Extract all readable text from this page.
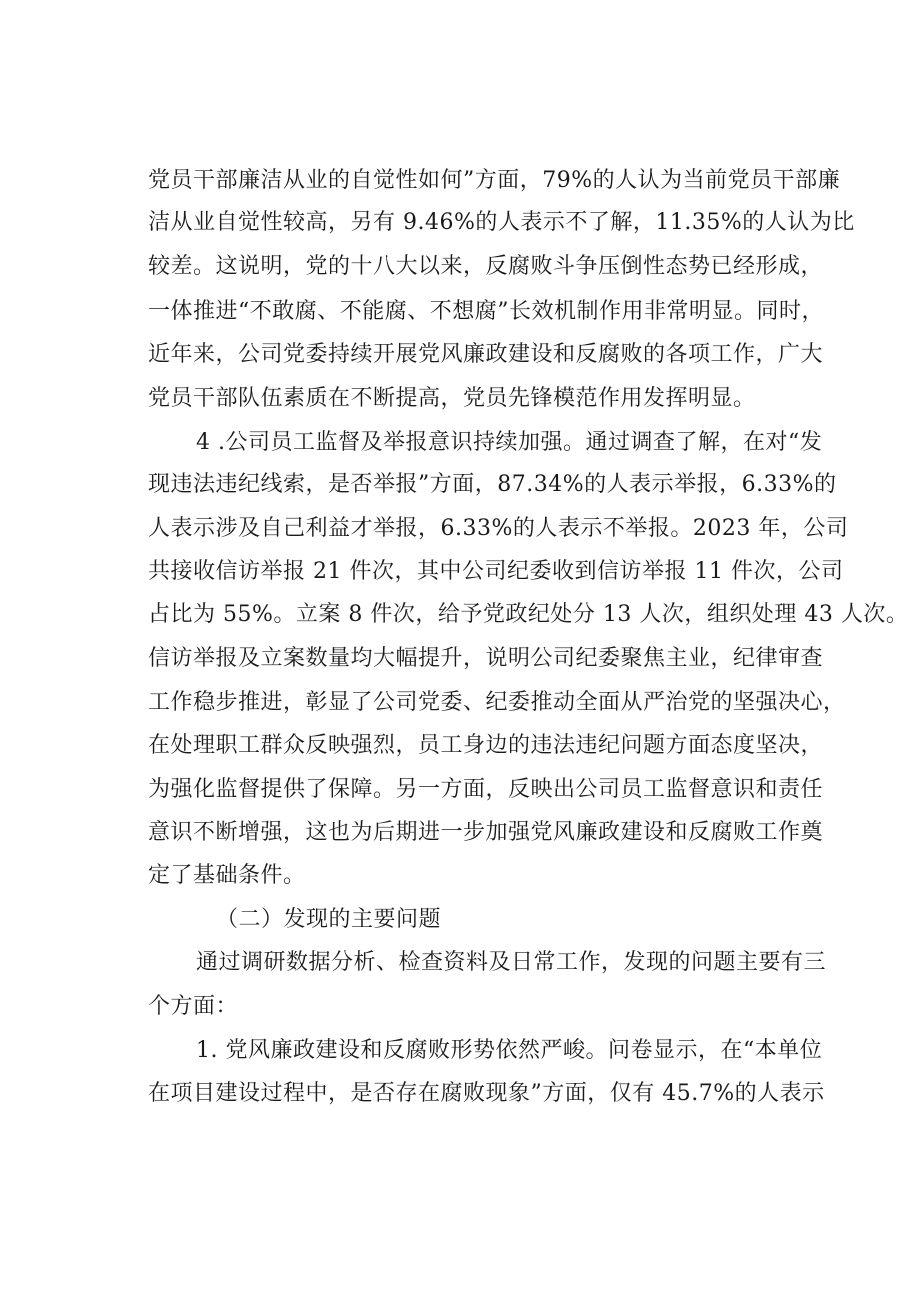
党员干部廉洁从业的自觉性如何”方面，79%的人认为当前党员干部廉
洁从业自觉性较高，另有 9.46%的人表示不了解，11.35%的人认为比
较差。这说明，党的十八大以来，反腐败斗争压倒性态势已经形成，
一体推进“不敢腐、不能腐、不想腐”长效机制作用非常明显。同时，
近年来，公司党委持续开展党风廉政建设和反腐败的各项工作，广大
党员干部队伍素质在不断提高，党员先锋模范作用发挥明显。
4 .公司员工监督及举报意识持续加强。通过调查了解，在对“发
现违法违纪线索，是否举报”方面，87.34%的人表示举报，6.33%的
人表示涉及自己利益才举报，6.33%的人表示不举报。2023 年，公司
共接收信访举报 21 件次，其中公司纪委收到信访举报 11 件次，公司
占比为 55%。立案 8 件次，给予党政纪处分 13 人次，组织处理 43 人次。
信访举报及立案数量均大幅提升，说明公司纪委聚焦主业，纪律审查
工作稳步推进，彰显了公司党委、纪委推动全面从严治党的坚强决心，
在处理职工群众反映强烈，员工身边的违法违纪问题方面态度坚决，
为强化监督提供了保障。另一方面，反映出公司员工监督意识和责任
意识不断增强，这也为后期进一步加强党风廉政建设和反腐败工作奠
定了基础条件。
（二）发现的主要问题
通过调研数据分析、检查资料及日常工作，发现的问题主要有三
个方面：
1. 党风廉政建设和反腐败形势依然严峻。问卷显示，在“本单位
在项目建设过程中，是否存在腐败现象”方面，仅有 45.7%的人表示
